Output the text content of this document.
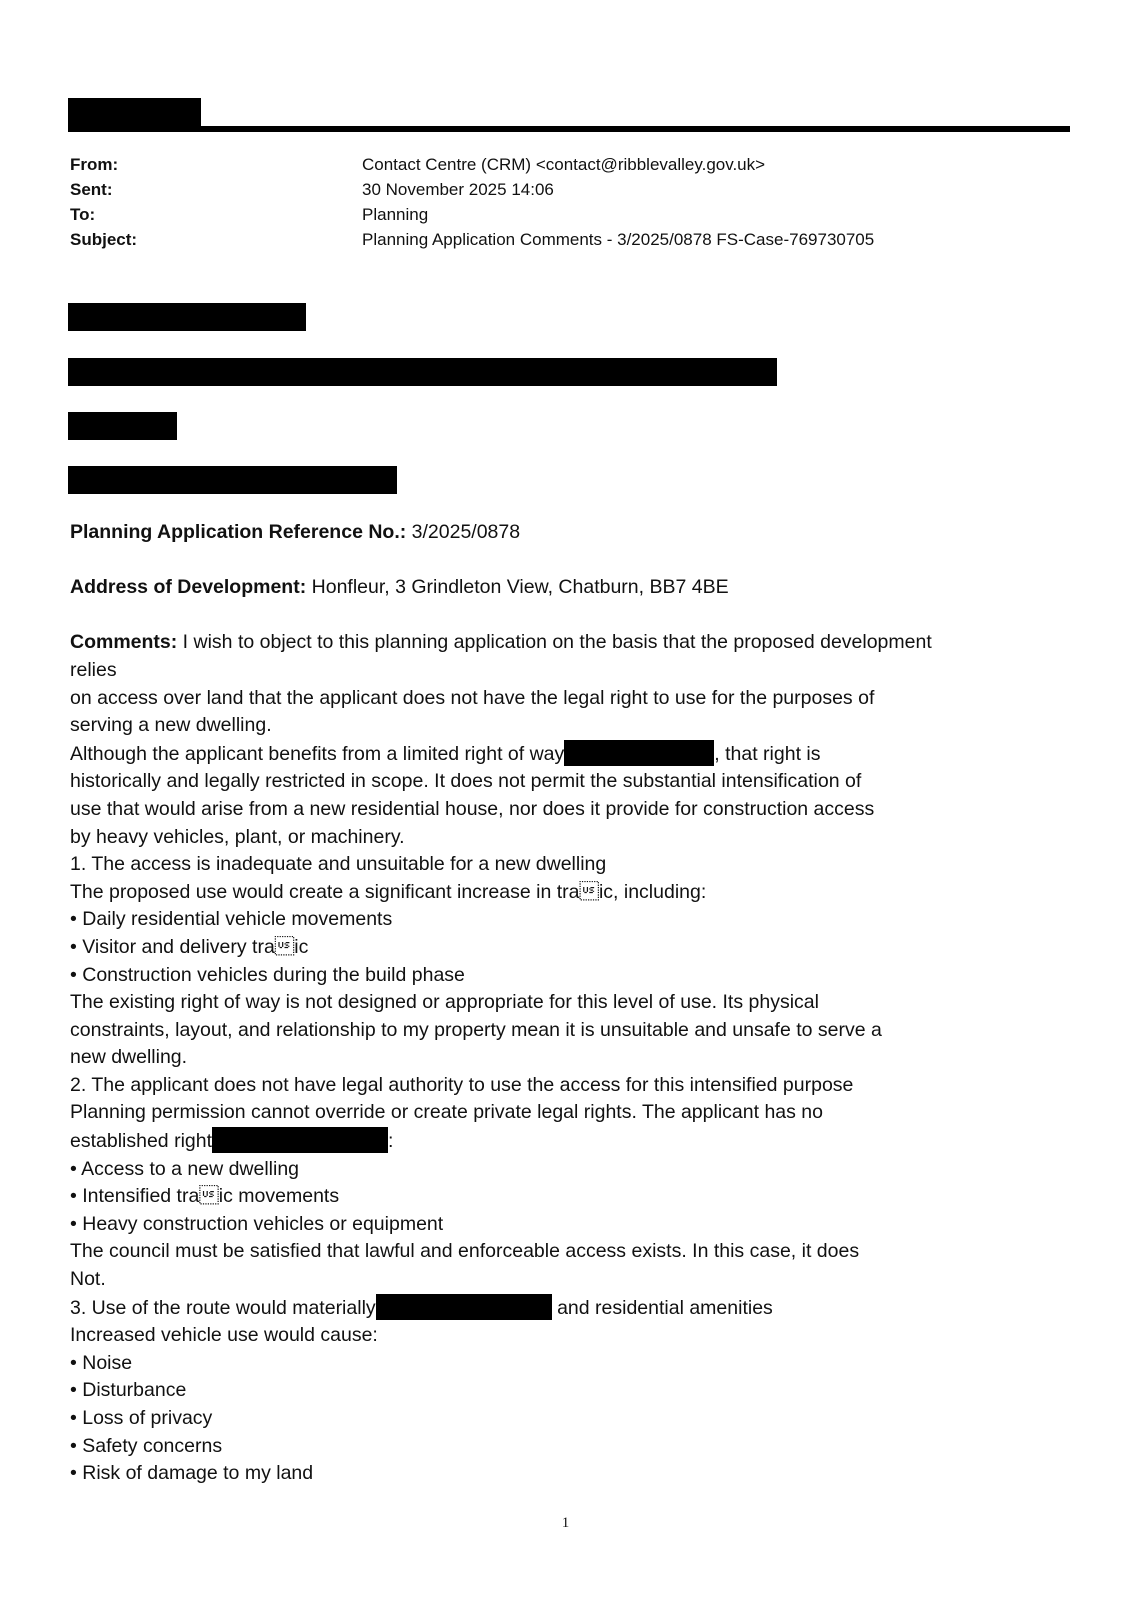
From:	Contact Centre (CRM) <contact@ribblevalley.gov.uk>
Sent:	30 November 2025 14:06
To:	Planning
Subject:	Planning Application Comments - 3/2025/0878 FS-Case-769730705

Planning Application Reference No.: 3/2025/0878

Address of Development: Honfleur, 3 Grindleton View, Chatburn, BB7 4BE

Comments: I wish to object to this planning application on the basis that the proposed development

relies

on access over land that the applicant does not have the legal right to use for the purposes of

serving a new dwelling.

Although the applicant benefits from a limited right of way	, that right is

historically and legally restricted in scope. It does not permit the substantial intensification of

use that would arise from a new residential house, nor does it provide for construction access

by heavy vehicles, plant, or machinery.

1. The access is inadequate and unsuitable for a new dwelling

The proposed use would create a significant increase in traic, including:

• Daily residential vehicle movements

• Visitor and delivery traic

• Construction vehicles during the build phase

The existing right of way is not designed or appropriate for this level of use. Its physical

constraints, layout, and relationship to my property mean it is unsuitable and unsafe to serve a

new dwelling.

2. The applicant does not have legal authority to use the access for this intensified purpose

Planning permission cannot override or create private legal rights. The applicant has no

established right	:

• Access to a new dwelling

• Intensified traic movements

• Heavy construction vehicles or equipment

The council must be satisfied that lawful and enforceable access exists. In this case, it does

Not.

3. Use of the route would materially	and residential amenities

Increased vehicle use would cause:

• Noise

• Disturbance

• Loss of privacy

• Safety concerns

• Risk of damage to my land

1
